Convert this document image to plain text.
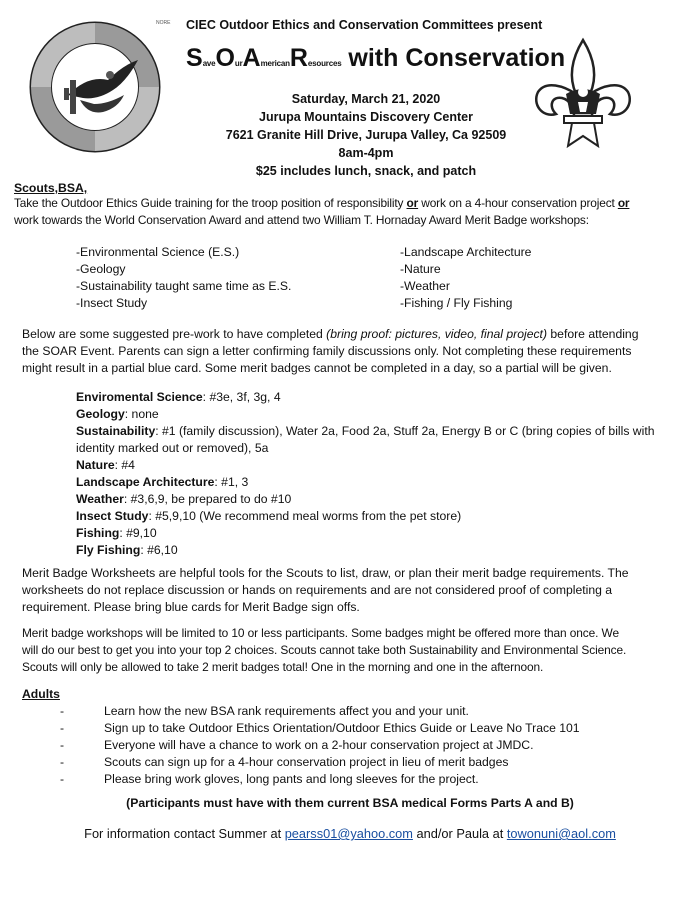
NORE CIEC Outdoor Ethics and Conservation Committees present
SaveOurAmericanResources with Conservation
Saturday, March 21, 2020
Jurupa Mountains Discovery Center
7621 Granite Hill Drive, Jurupa Valley, Ca 92509
8am-4pm
$25 includes lunch, snack, and patch
Scouts,BSA,
Take the Outdoor Ethics Guide training for the troop position of responsibility or work on a 4-hour conservation project or
work towards the World Conservation Award and attend two William T. Hornaday Award Merit Badge workshops:
-Environmental Science (E.S.)
-Geology
-Sustainability taught same time as E.S.
-Insect Study
-Landscape Architecture
-Nature
-Weather
-Fishing / Fly Fishing
Below are some suggested pre-work to have completed (bring proof: pictures, video, final project) before attending
the SOAR Event. Parents can sign a letter confirming family discussions only. Not completing these requirements
might result in a partial blue card. Some merit badges cannot be completed in a day, so a partial will be given.
Enviromental Science: #3e, 3f, 3g, 4
Geology: none
Sustainability: #1 (family discussion), Water 2a, Food 2a, Stuff 2a, Energy B or C (bring copies of bills with
identity marked out or removed), 5a
Nature: #4
Landscape Architecture: #1, 3
Weather: #3,6,9, be prepared to do #10
Insect Study: #5,9,10 (We recommend meal worms from the pet store)
Fishing: #9,10
Fly Fishing: #6,10
Merit Badge Worksheets are helpful tools for the Scouts to list, draw, or plan their merit badge requirements. The
worksheets do not replace discussion or hands on requirements and are not considered proof of completing a
requirement. Please bring blue cards for Merit Badge sign offs.
Merit badge workshops will be limited to 10 or less participants. Some badges might be offered more than once. We
will do our best to get you into your top 2 choices. Scouts cannot take both Sustainability and Environmental Science.
Scouts will only be allowed to take 2 merit badges total! One in the morning and one in the afternoon.
Adults
-	Learn how the new BSA rank requirements affect you and your unit.
-	Sign up to take Outdoor Ethics Orientation/Outdoor Ethics Guide or Leave No Trace 101
-	Everyone will have a chance to work on a 2-hour conservation project at JMDC.
-	Scouts can sign up for a 4-hour conservation project in lieu of merit badges
-	Please bring work gloves, long pants and long sleeves for the project.
(Participants must have with them current BSA medical Forms Parts A and B)
For information contact Summer at pearss01@yahoo.com and/or Paula at towonuni@aol.com
